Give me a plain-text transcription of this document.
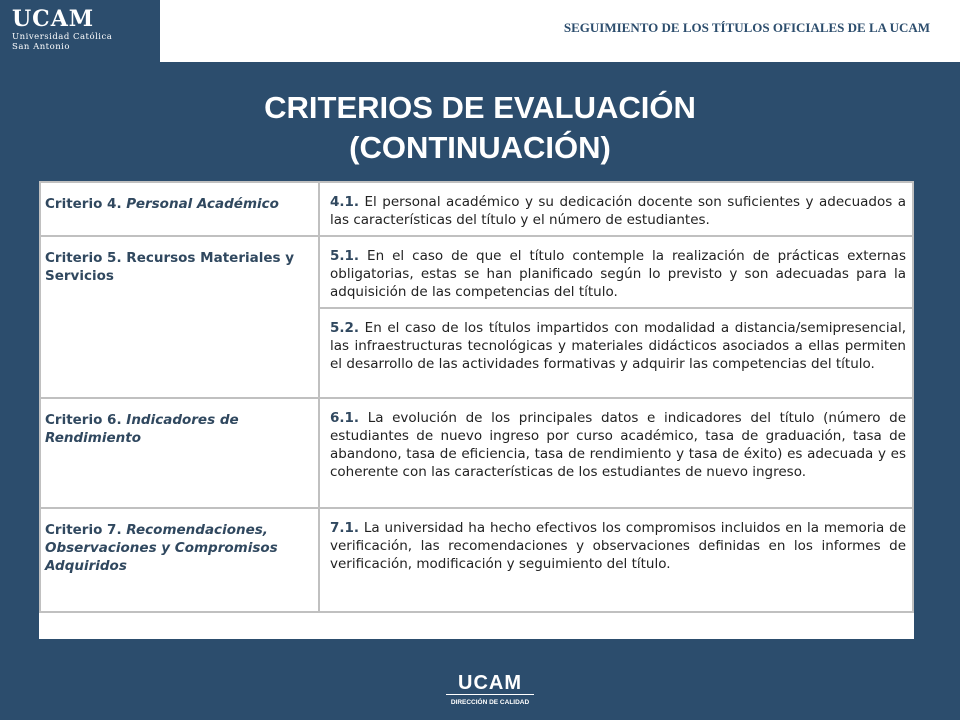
UCAM
Universidad Católica
San Antonio
SEGUIMIENTO DE LOS TÍTULOS OFICIALES DE LA UCAM
CRITERIOS DE EVALUACIÓN
(CONTINUACIÓN)
Criterio 4. Personal Académico	4.1. El personal académico y su dedicación docente son suficientes y adecuados a las características del título y el número de estudiantes.
Criterio 5. Recursos Materiales y Servicios	5.1. En el caso de que el título contemple la realización de prácticas externas obligatorias, estas se han planificado según lo previsto y son adecuadas para la adquisición de las competencias del título.
	5.2. En el caso de los títulos impartidos con modalidad a distancia/semipresencial, las infraestructuras tecnológicas y materiales didácticos asociados a ellas permiten el desarrollo de las actividades formativas y adquirir las competencias del título.
Criterio 6. Indicadores de Rendimiento	6.1. La evolución de los principales datos e indicadores del título (número de estudiantes de nuevo ingreso por curso académico, tasa de graduación, tasa de abandono, tasa de eficiencia, tasa de rendimiento y tasa de éxito) es adecuada y es coherente con las características de los estudiantes de nuevo ingreso.
Criterio 7. Recomendaciones, Observaciones y Compromisos Adquiridos	7.1. La universidad ha hecho efectivos los compromisos incluidos en la memoria de verificación, las recomendaciones y observaciones definidas en los informes de verificación, modificación y seguimiento del título.
UCAM
DIRECCIÓN DE CALIDAD
